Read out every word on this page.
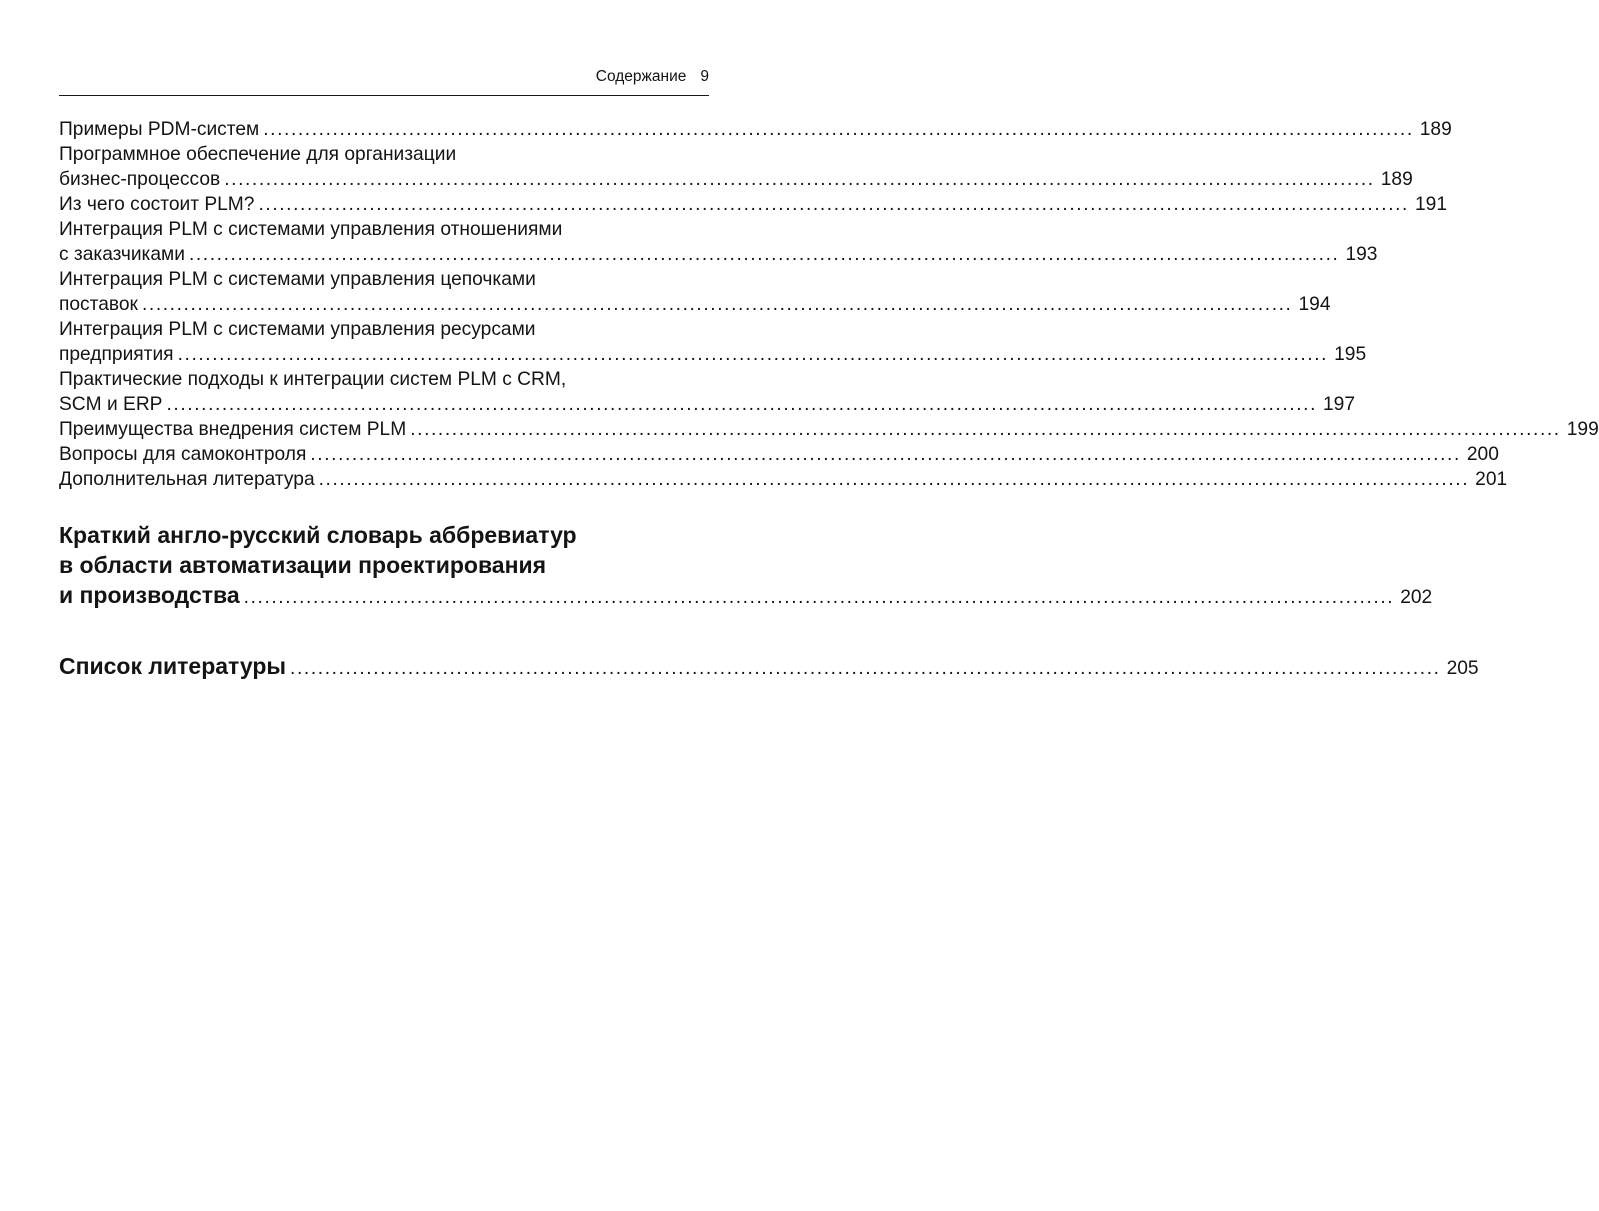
Содержание 9
Примеры PDM-систем ...................................................................................................................................................................... 189
Программное обеспечение для организации
бизнес-процессов ...................................................................................................................................................................... 189
Из чего состоит PLM? ...................................................................................................................................................................... 191
Интеграция PLM с системами управления отношениями
с заказчиками ...................................................................................................................................................................... 193
Интеграция PLM с системами управления цепочками
поставок ...................................................................................................................................................................... 194
Интеграция PLM с системами управления ресурсами
предприятия ...................................................................................................................................................................... 195
Практические подходы к интеграции систем PLM с CRM,
SCM и ERP ...................................................................................................................................................................... 197
Преимущества внедрения систем PLM ...................................................................................................................................................................... 199
Вопросы для самоконтроля ...................................................................................................................................................................... 200
Дополнительная литература ...................................................................................................................................................................... 201
Краткий англо-русский словарь аббревиатур
в области автоматизации проектирования
и производства ...................................................................................................................................................................... 202
Список литературы ...................................................................................................................................................................... 205
